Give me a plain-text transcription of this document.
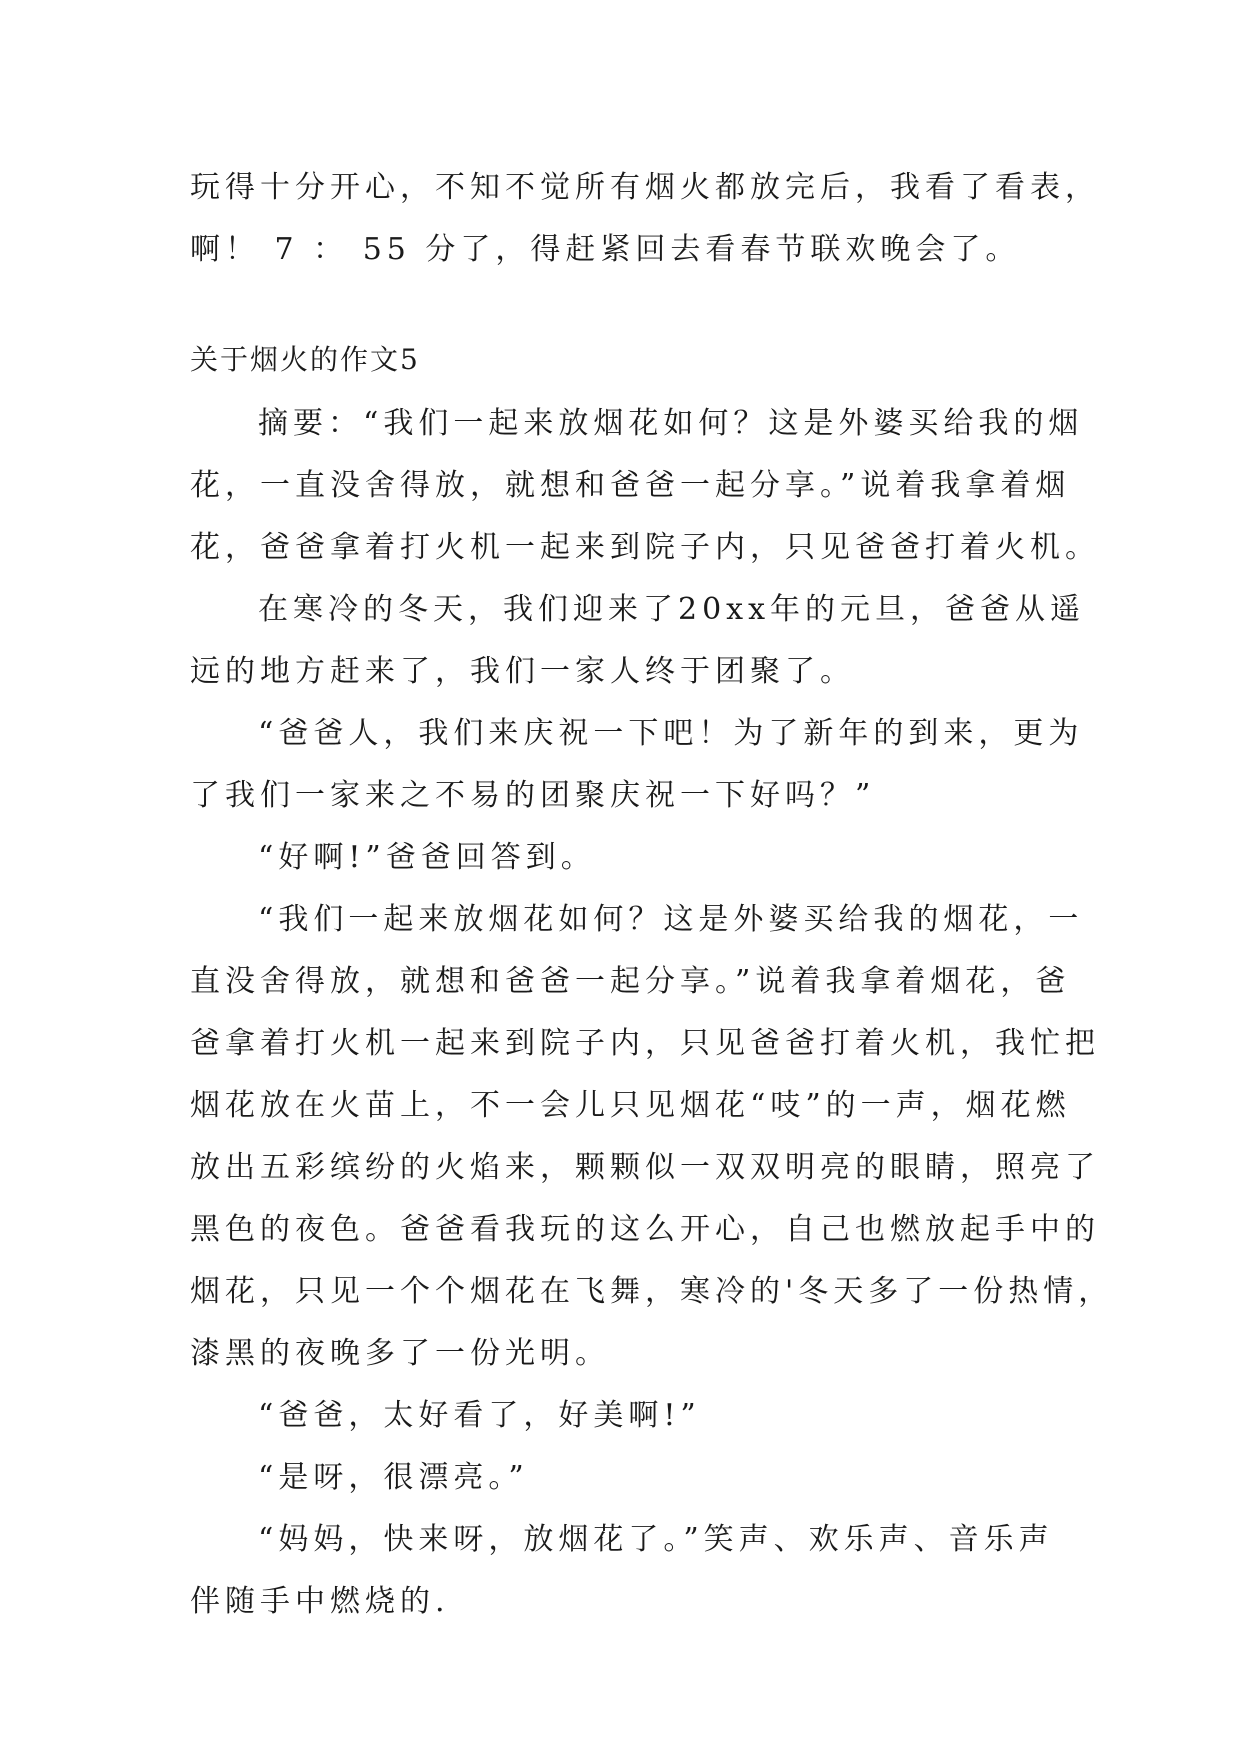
玩得十分开心，不知不觉所有烟火都放完后，我看了看表，
啊！ 7 ： 55 分了，得赶紧回去看春节联欢晚会了。
关于烟火的作文5
摘要：“我们一起来放烟花如何？这是外婆买给我的烟
花，一直没舍得放，就想和爸爸一起分享。”说着我拿着烟
花，爸爸拿着打火机一起来到院子内，只见爸爸打着火机。
在寒冷的冬天，我们迎来了20xx年的元旦，爸爸从遥
远的地方赶来了，我们一家人终于团聚了。
“爸爸人，我们来庆祝一下吧！为了新年的到来，更为
了我们一家来之不易的团聚庆祝一下好吗？”
“好啊!”爸爸回答到。
“我们一起来放烟花如何？这是外婆买给我的烟花，一
直没舍得放，就想和爸爸一起分享。”说着我拿着烟花，爸
爸拿着打火机一起来到院子内，只见爸爸打着火机，我忙把
烟花放在火苗上，不一会儿只见烟花“吱”的一声，烟花燃
放出五彩缤纷的火焰来，颗颗似一双双明亮的眼睛，照亮了
黑色的夜色。爸爸看我玩的这么开心，自己也燃放起手中的
烟花，只见一个个烟花在飞舞，寒冷的'冬天多了一份热情，
漆黑的夜晚多了一份光明。
“爸爸，太好看了，好美啊!”
“是呀，很漂亮。”
“妈妈，快来呀，放烟花了。”笑声、欢乐声、音乐声
伴随手中燃烧的.
